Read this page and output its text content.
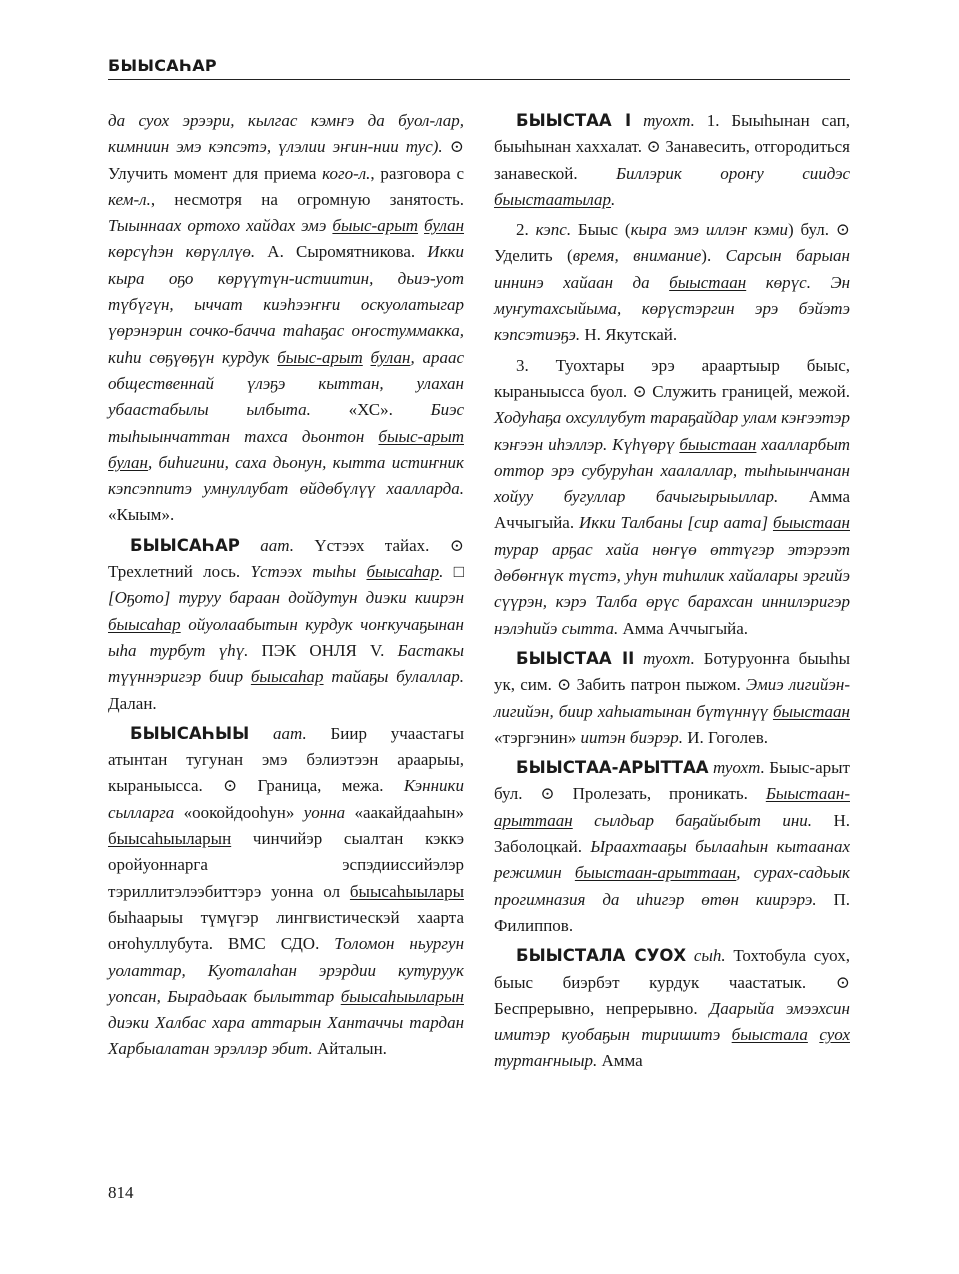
БЫЫСАҺАР

да суох эрээри, кылгас кэмҥэ да буол-лар, кимниин эмэ кэпсэтэ, үлэлии эҥин-нии тус). ⊙ Улучить момент для приема кого-л., разговора с кем-л., несмотря на огромную занятость. Тыыннаах ортохо хайдах эмэ быыс-арыт булан көрсүһэн көрүллүө. А. Сыромятникова. Икки кыра оҕо көрүүтүн-истиитин, дьиэ-уот түбүгүн, ыччат киэһээҥҥи оскуолатыгар үөрэнэрин сочко-бачча таһаҕас оҥостуммакка, киһи сөҕүөҕүн курдук быыс-арыт булан, араас общественнай үлэҕэ кыттан, улахан убаастабылы ылбыта. «ХС». Биэс тыһыынчаттан тахса дьонтон быыс-арыт булан, биһигини, саха дьонун, кытта истиҥник кэпсэппитэ умнуллубат өйдөбүлүү хаалларда. «Кыым».

БЫЫСАҺАР аат. Үстээх тайах. ⊙ Трехлетний лось. Үстээх тыһы быысаһар. □ [Оҕото] туруу бараан дойдутун диэки киирэн быысаһар ойуолаабытын курдук чоҥкучаҕынан ыһа турбут үһү. ПЭК ОНЛЯ V. Бастакы түүннэригэр биир быысаһар тайаҕы булаллар. Далан.

БЫЫСАҺЫЫ аат. Биир учаастагы атынтан тугунан эмэ бэлиэтээн араарыы, кыраныысса. ⊙ Граница, межа. Кэнники сылларга «оокойдооһун» уонна «аакайдааһын» быысаһыыларын чинчийэр сыалтан кэккэ оройуоннарга эспэдииссийэлэр тэриллитэлээбиттэрэ уонна ол быысаһыылары быһаарыы түмүгэр лингвистическэй хаарта оҥоһуллубута. ВМС СДО. Толомон ньургун уолаттар, Куоталаһан эрэрдии кутуруук уопсан, Бырадьаак былыттар быысаһыыларын диэки Халбас хара аттарын Хантаччы тардан Харбыалатан эрэллэр эбит. Айталын.

БЫЫСТАА I туохт. 1. Быыһынан сап, быыһынан хаххалат. ⊙ Занавесить, отгородиться занавеской. Биллэрик ороҥу сиидэс быыстаатылар.

2. кэпс. Быыс (кыра эмэ иллэҥ кэми) бул. ⊙ Уделить (время, внимание). Сарсын барыан иннинэ хайаан да быыстаан көрүс. Эн муҥутахсыйыма, көрүстэргин эрэ бэйэтэ кэпсэтиэҕэ. Н. Якутскай.

3. Туохтары эрэ араартыыр быыс, кыраныысса буол. ⊙ Служить границей, межой. Ходуһаҕа охсуллубут тараҕайдар улам кэҥээтэр кэҥээн иһэллэр. Күһүөрү быыстаан хаалларбыт оттор эрэ субуруһан хаалаллар, тыһыынчанан хойуу бугуллар бачыгырыыллар. Амма Аччыгыйа. Икки Талбаны [сир аата] быыстаан турар арҕас хайа нөҥүө өттүгэр этэрээт дөбөҥнүк түстэ, уһун тиһилик хайалары эргийэ сүүрэн, кэрэ Талба өрүс барахсан иннилэригэр нэлэһийэ сытта. Амма Аччыгыйа.

БЫЫСТАА II туохт. Бoтуруонҥа быыһы ук, сим. ⊙ Забить патрон пыжом. Эмиэ лигийэн-лигийэн, биир хаһыатынан бүтүннүү быыстаан «тэргэнин» иитэн биэрэр. И. Гоголев.

БЫЫСТАА-АРЫТТАА туохт. Быыс-арыт бул. ⊙ Пролезать, проникать. Быыстаан-арыттаан сылдьар баҕайыбыт ини. Н. Заболоцкай. Ыраахтааҕы былааһын кытаанах режимин быыстаан-арыттаан, сурах-садьык прогимназия да иһигэр өтөн киирэрэ. П. Филиппов.

БЫЫСТАЛА СУОХ сыһ. Тохтобула суох, быыс биэрбэт курдук чаастатык. ⊙ Беспрерывно, непрерывно. Даарыйа эмээхсин имитэр куобаҕын тиришитэ быыстала суох турта​ҥныыр. Амма

814
